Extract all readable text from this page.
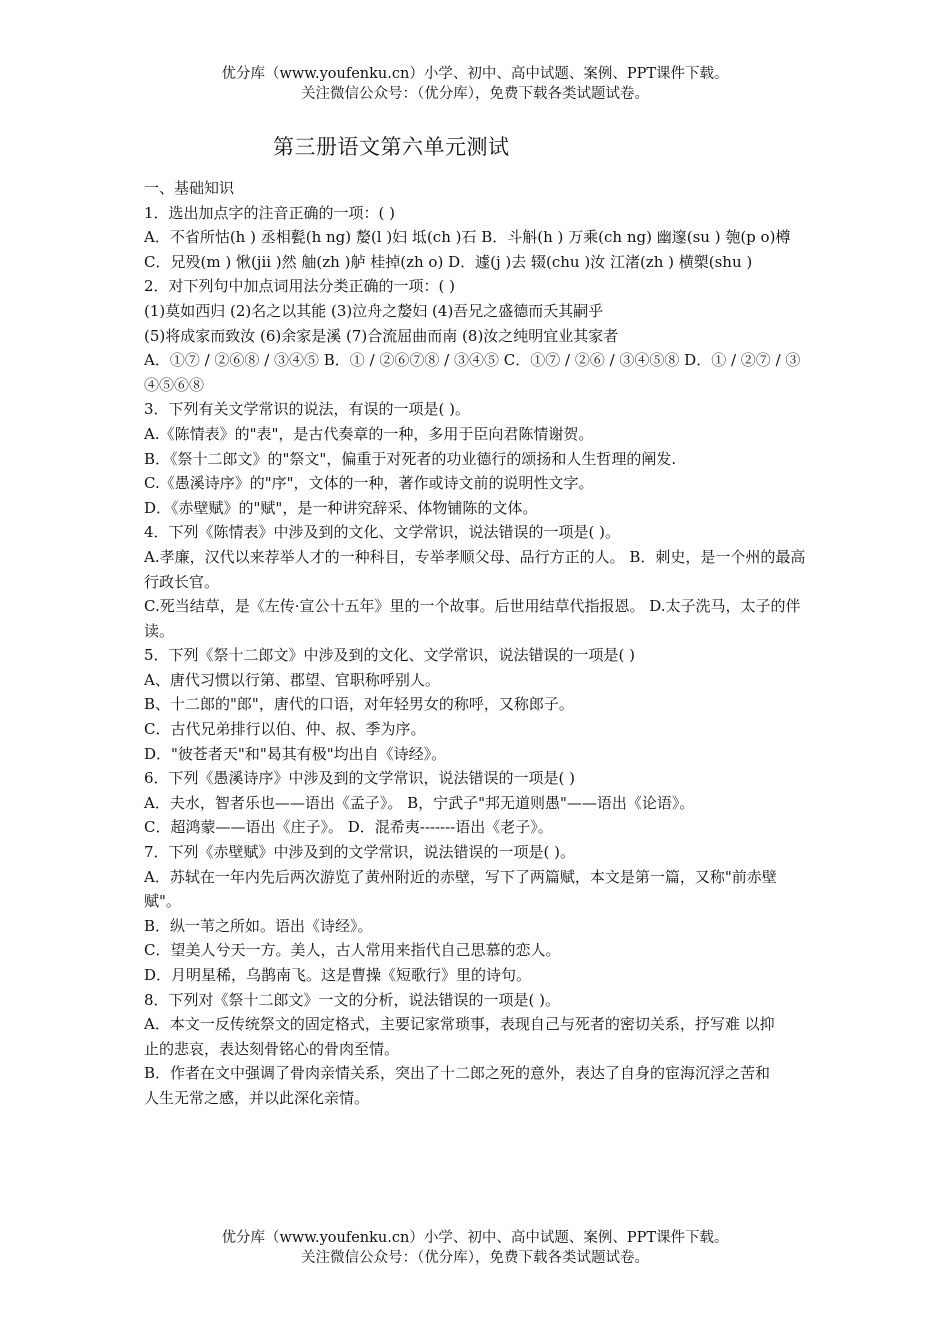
优分库（www.youfenku.cn）小学、初中、高中试题、案例、PPT课件下载。
关注微信公众号：（优分库），免费下载各类试题试卷。
第三册语文第六单元测试

一、基础知识

1．选出加点字的注音正确的一项：( )

A．不省所怙(h ) 丞相甏(h ng) 嫠(l )妇 坻(ch )石 B．斗斛(h ) 万乘(ch ng) 幽邃(su ) 匏(p o)樽

C．兄殁(m ) 愀(jii )然 舳(zh )舻 桂掉(zh o) D．遽(j )去 辍(chu )汝 江渚(zh ) 横槊(shu )

2．对下列句中加点词用法分类正确的一项：( )

(1)莫如西归 (2)名之以其能 (3)泣舟之嫠妇 (4)吾兄之盛德而夭其嗣乎

(5)将成家而致汝 (6)余家是溪 (7)合流屈曲而南 (8)汝之纯明宜业其家者

A．①⑦ / ②⑥⑧ / ③④⑤ B．① / ②⑥⑦⑧ / ③④⑤ C．①⑦ / ②⑥ / ③④⑤⑧ D．① / ②⑦ / ③④⑤⑥⑧

3．下列有关文学常识的说法，有误的一项是( )。

A.《陈情表》的"表"，是古代奏章的一种，多用于臣向君陈情谢贺。

B．《祭十二郎文》的"祭文"，偏重于对死者的功业德行的颂扬和人生哲理的阐发.

C.《愚溪诗序》的"序"，文体的一种，著作或诗文前的说明性文字。

D．《赤壁赋》的"赋"，是一种讲究辞采、体物铺陈的文体。

4．下列《陈情表》中涉及到的文化、文学常识，说法错误的一项是( )。

A.孝廉，汉代以来荐举人才的一种科目，专举孝顺父母、品行方正的人。 B．刺史，是一个州的最高行政长官。

C.死当结草，是《左传·宣公十五年》里的一个故事。后世用结草代指报恩。 D.太子洗马，太子的伴读。

5．下列《祭十二郎文》中涉及到的文化、文学常识，说法错误的一项是( )

A、唐代习惯以行第、郡望、官职称呼别人。

B、十二郎的"郎"，唐代的口语，对年轻男女的称呼，又称郎子。

C．古代兄弟排行以伯、仲、叔、季为序。

D．"彼苍者天"和"曷其有极"均出自《诗经》。

6．下列《愚溪诗序》中涉及到的文学常识，说法错误的一项是( )

A．夫水，智者乐也——语出《孟子》。 B，宁武子"邦无道则愚"——语出《论语》。

C．超鸿蒙——语出《庄子》。 D．混希夷-------语出《老子》。

7．下列《赤壁赋》中涉及到的文学常识，说法错误的一项是( )。

A．苏轼在一年内先后两次游览了黄州附近的赤壁，写下了两篇赋，本文是第一篇，又称"前赤壁赋"。

B．纵一苇之所如。语出《诗经》。

C．望美人兮天一方。美人，古人常用来指代自己思慕的恋人。

D．月明星稀，乌鹊南飞。这是曹操《短歌行》里的诗句。

8．下列对《祭十二郎文》一文的分析，说法错误的一项是( )。

A．本文一反传统祭文的固定格式，主要记家常琐事，表现自己与死者的密切关系，抒写难 以抑

止的悲哀，表达刻骨铭心的骨肉至情。

B．作者在文中强调了骨肉亲情关系，突出了十二郎之死的意外，表达了自身的宦海沉浮之苦和

人生无常之感，并以此深化亲情。

优分库（www.youfenku.cn）小学、初中、高中试题、案例、PPT课件下载。
关注微信公众号：（优分库），免费下载各类试题试卷。
